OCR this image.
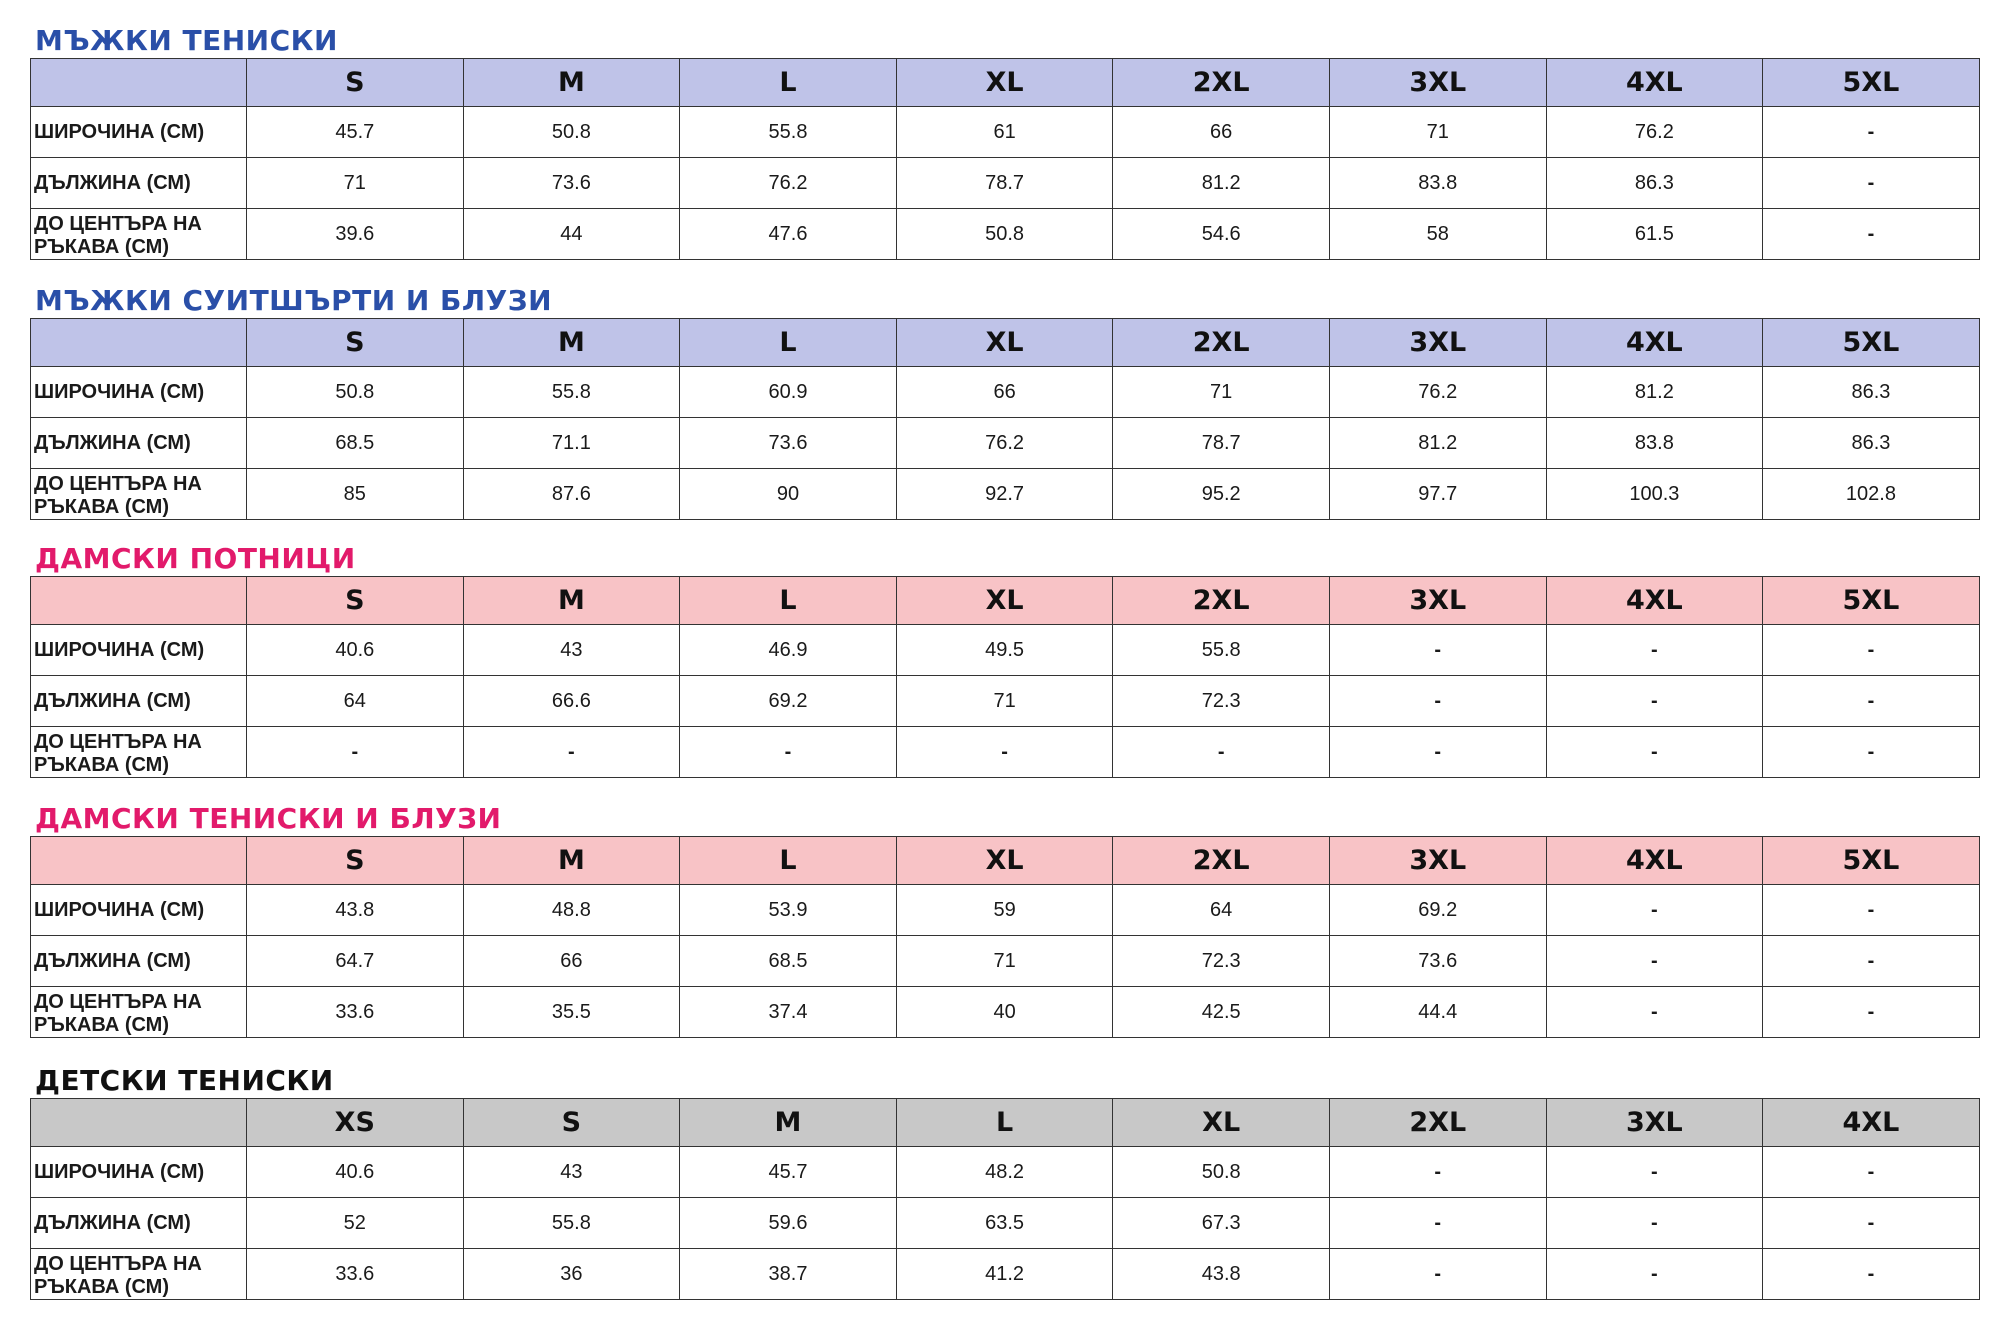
МЪЖКИ ТЕНИСКИ
	S	M	L	XL	2XL	3XL	4XL	5XL

ШИРОЧИНА (СМ)	45.7	50.8	55.8	61	66	71	76.2	-

ДЪЛЖИНА (СМ)	71	73.6	76.2	78.7	81.2	83.8	86.3	-

ДО ЦЕНТЪРА НА
РЪКАВА (СМ)	39.6	44	47.6	50.8	54.6	58	61.5	-
МЪЖКИ СУИТШЪРТИ И БЛУЗИ
	S	M	L	XL	2XL	3XL	4XL	5XL

ШИРОЧИНА (СМ)	50.8	55.8	60.9	66	71	76.2	81.2	86.3

ДЪЛЖИНА (СМ)	68.5	71.1	73.6	76.2	78.7	81.2	83.8	86.3

ДО ЦЕНТЪРА НА
РЪКАВА (СМ)	85	87.6	90	92.7	95.2	97.7	100.3	102.8
ДАМСКИ ПОТНИЦИ
	S	M	L	XL	2XL	3XL	4XL	5XL

ШИРОЧИНА (СМ)	40.6	43	46.9	49.5	55.8	-	-	-

ДЪЛЖИНА (СМ)	64	66.6	69.2	71	72.3	-	-	-

ДО ЦЕНТЪРА НА
РЪКАВА (СМ)	-	-	-	-	-	-	-	-
ДАМСКИ ТЕНИСКИ И БЛУЗИ
	S	M	L	XL	2XL	3XL	4XL	5XL

ШИРОЧИНА (СМ)	43.8	48.8	53.9	59	64	69.2	-	-

ДЪЛЖИНА (СМ)	64.7	66	68.5	71	72.3	73.6	-	-

ДО ЦЕНТЪРА НА
РЪКАВА (СМ)	33.6	35.5	37.4	40	42.5	44.4	-	-
ДЕТСКИ ТЕНИСКИ
	XS	S	M	L	XL	2XL	3XL	4XL

ШИРОЧИНА (СМ)	40.6	43	45.7	48.2	50.8	-	-	-

ДЪЛЖИНА (СМ)	52	55.8	59.6	63.5	67.3	-	-	-

ДО ЦЕНТЪРА НА
РЪКАВА (СМ)	33.6	36	38.7	41.2	43.8	-	-	-
